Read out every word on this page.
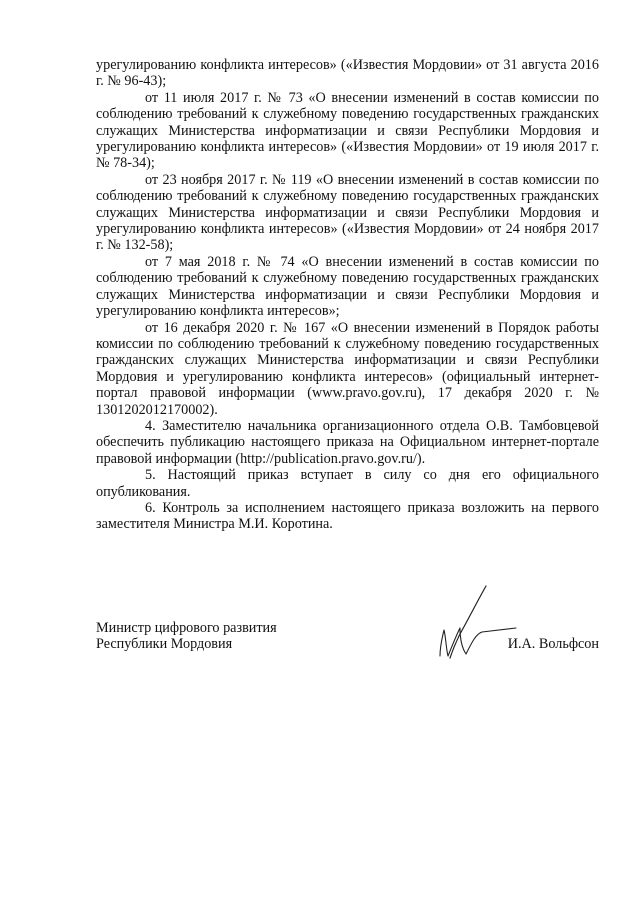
урегулированию конфликта интересов» («Известия Мордовии» от 31 августа 2016 г. № 96-43);

от 11 июля 2017 г. № 73 «О внесении изменений в состав комиссии по соблюдению требований к служебному поведению государственных гражданских служащих Министерства информатизации и связи Республики Мордовия и урегулированию конфликта интересов» («Известия Мордовии» от 19 июля 2017 г. № 78-34);

от 23 ноября 2017 г. № 119 «О внесении изменений в состав комиссии по соблюдению требований к служебному поведению государственных гражданских служащих Министерства информатизации и связи Республики Мордовия и урегулированию конфликта интересов» («Известия Мордовии» от 24 ноября 2017 г. № 132-58);

от 7 мая 2018 г. № 74 «О внесении изменений в состав комиссии по соблюдению требований к служебному поведению государственных гражданских служащих Министерства информатизации и связи Республики Мордовия и урегулированию конфликта интересов»;

от 16 декабря 2020 г. № 167 «О внесении изменений в Порядок работы комиссии по соблюдению требований к служебному поведению государственных гражданских служащих Министерства информатизации и связи Республики Мордовия и урегулированию конфликта интересов» (официальный интернет-портал правовой информации (www.pravo.gov.ru), 17 декабря 2020 г. № 1301202012170002).

4. Заместителю начальника организационного отдела О.В. Тамбовцевой обеспечить публикацию настоящего приказа на Официальном интернет-портале правовой информации (http://publication.pravo.gov.ru/).

5. Настоящий приказ вступает в силу со дня его официального опубликования.

6. Контроль за исполнением настоящего приказа возложить на первого заместителя Министра М.И. Коротина.

Министр цифрового развития
Республики Мордовия	И.А. Вольфсон
